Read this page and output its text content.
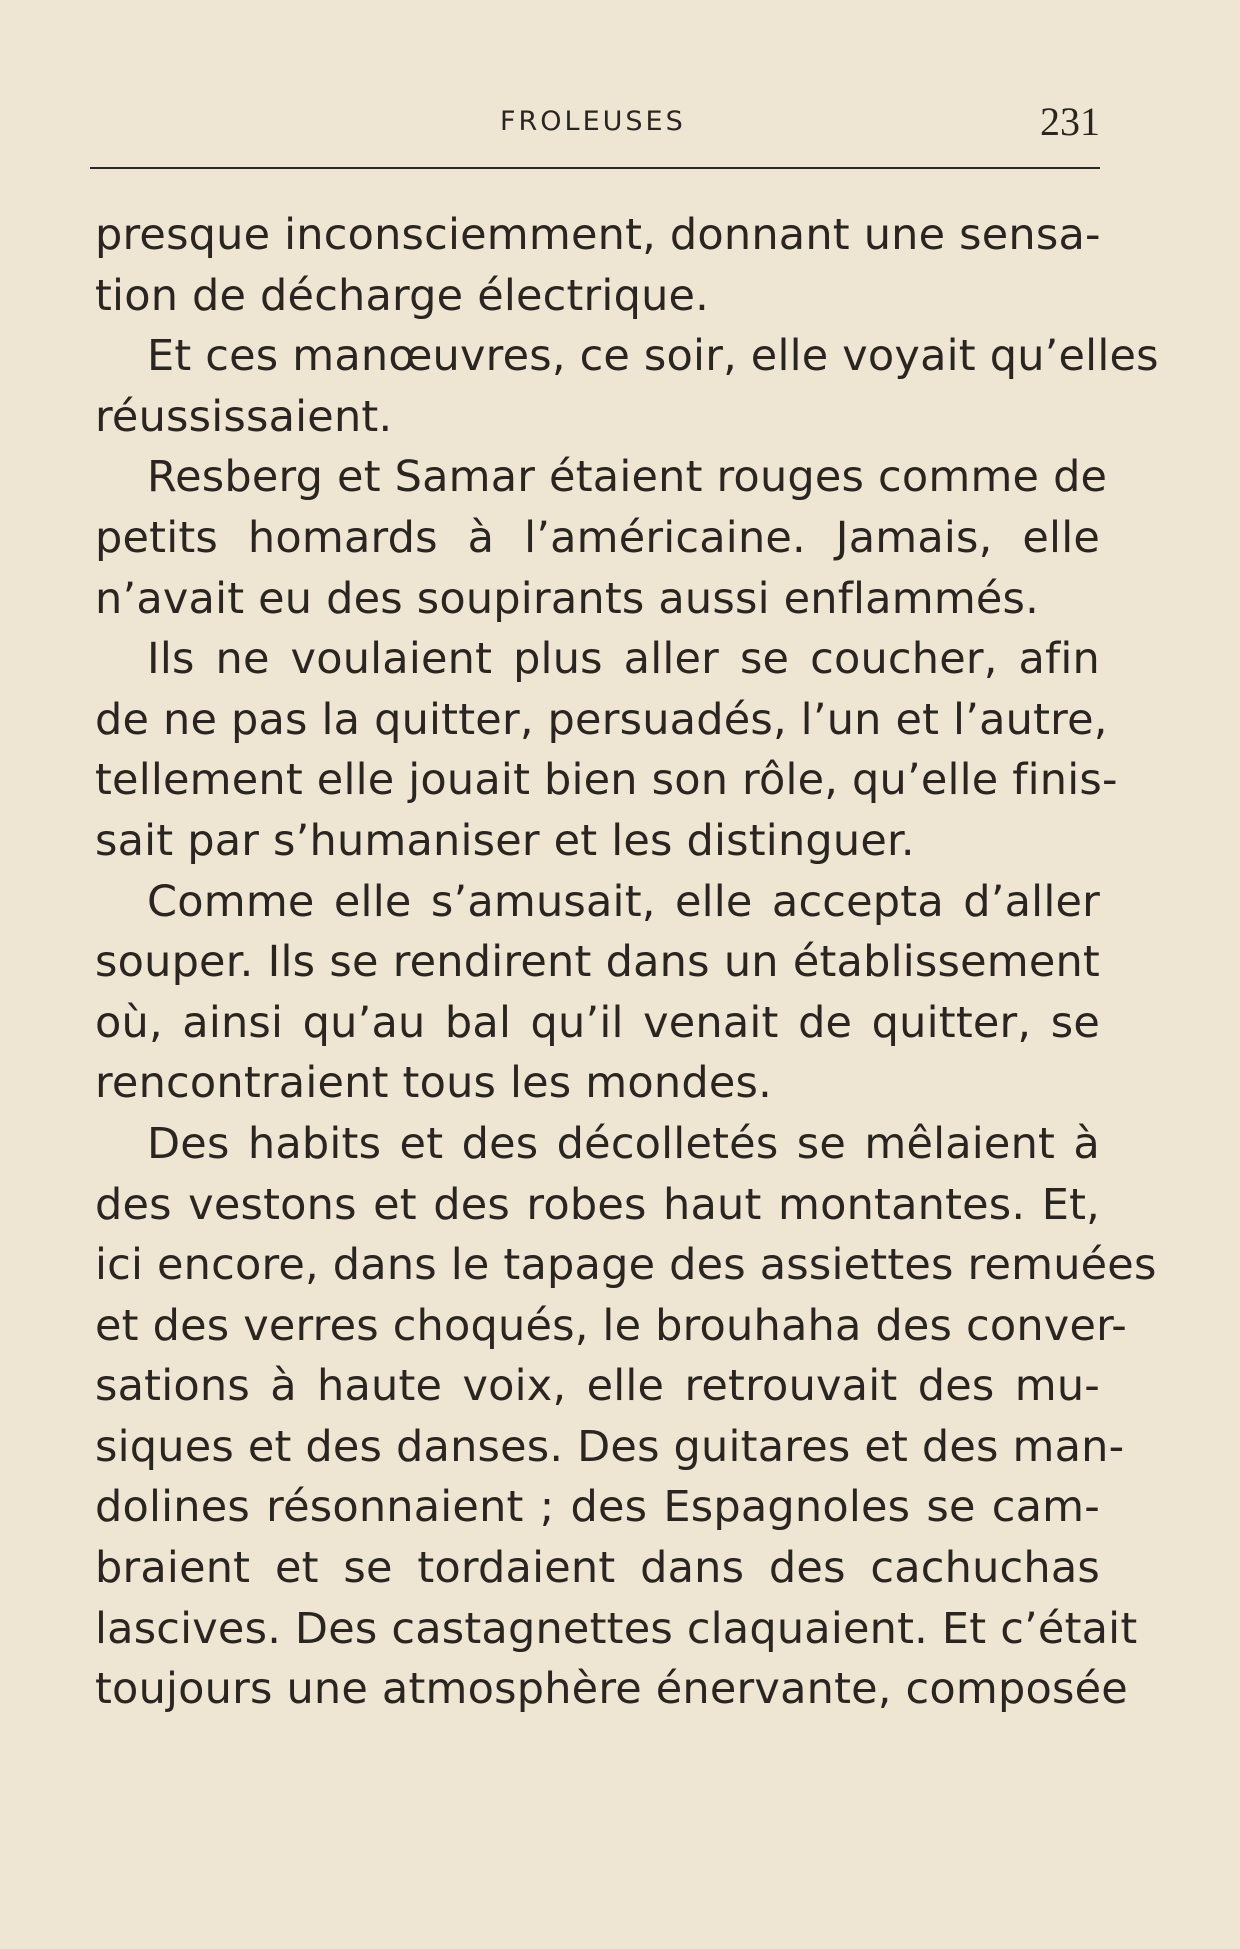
FROLEUSES	231
presque inconsciemment, donnant une sensa-
tion de décharge électrique.
Et ces manœuvres, ce soir, elle voyait qu’elles
réussissaient.
Resberg et Samar étaient rouges comme de
petits homards à l’américaine. Jamais, elle
n’avait eu des soupirants aussi enflammés.
Ils ne voulaient plus aller se coucher, afin
de ne pas la quitter, persuadés, l’un et l’autre,
tellement elle jouait bien son rôle, qu’elle finis-
sait par s’humaniser et les distinguer.
Comme elle s’amusait, elle accepta d’aller
souper. Ils se rendirent dans un établissement
où, ainsi qu’au bal qu’il venait de quitter, se
rencontraient tous les mondes.
Des habits et des décolletés se mêlaient à
des vestons et des robes haut montantes. Et,
ici encore, dans le tapage des assiettes remuées
et des verres choqués, le brouhaha des conver-
sations à haute voix, elle retrouvait des mu-
siques et des danses. Des guitares et des man-
dolines résonnaient ; des Espagnoles se cam-
braient et se tordaient dans des cachuchas
lascives. Des castagnettes claquaient. Et c’était
toujours une atmosphère énervante, composée
